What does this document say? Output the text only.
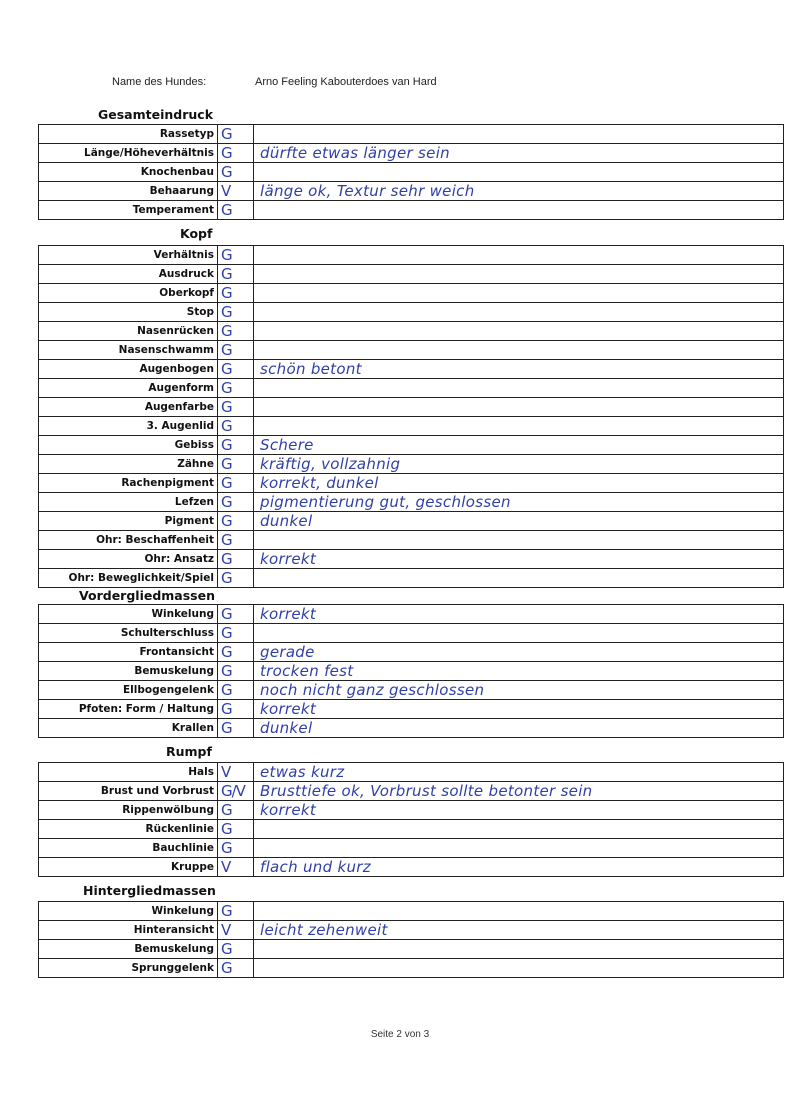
Name des Hundes:	Arno Feeling Kabouterdoes van Hard
Gesamteindruck
Rassetyp	G	
Länge/Höheverhältnis	G	dürfte etwas länger sein
Knochenbau	G	
Behaarung	V	länge ok, Textur sehr weich
Temperament	G	
Kopf
Verhältnis	G	
Ausdruck	G	
Oberkopf	G	
Stop	G	
Nasenrücken	G	
Nasenschwamm	G	
Augenbogen	G	schön betont
Augenform	G	
Augenfarbe	G	
3. Augenlid	G	
Gebiss	G	Schere
Zähne	G	kräftig, vollzahnig
Rachenpigment	G	korrekt, dunkel
Lefzen	G	pigmentierung gut, geschlossen
Pigment	G	dunkel
Ohr: Beschaffenheit	G	
Ohr: Ansatz	G	korrekt
Ohr: Beweglichkeit/Spiel	G	
Vordergliedmassen
Winkelung	G	korrekt
Schulterschluss	G	
Frontansicht	G	gerade
Bemuskelung	G	trocken fest
Ellbogengelenk	G	noch nicht ganz geschlossen
Pfoten: Form / Haltung	G	korrekt
Krallen	G	dunkel
Rumpf
Hals	V	etwas kurz
Brust und Vorbrust	G/V	Brusttiefe ok, Vorbrust sollte betonter sein
Rippenwölbung	G	korrekt
Rückenlinie	G	
Bauchlinie	G	
Kruppe	V	flach und kurz
Hintergliedmassen
Winkelung	G	
Hinteransicht	V	leicht zehenweit
Bemuskelung	G	
Sprunggelenk	G	
Seite 2 von 3
